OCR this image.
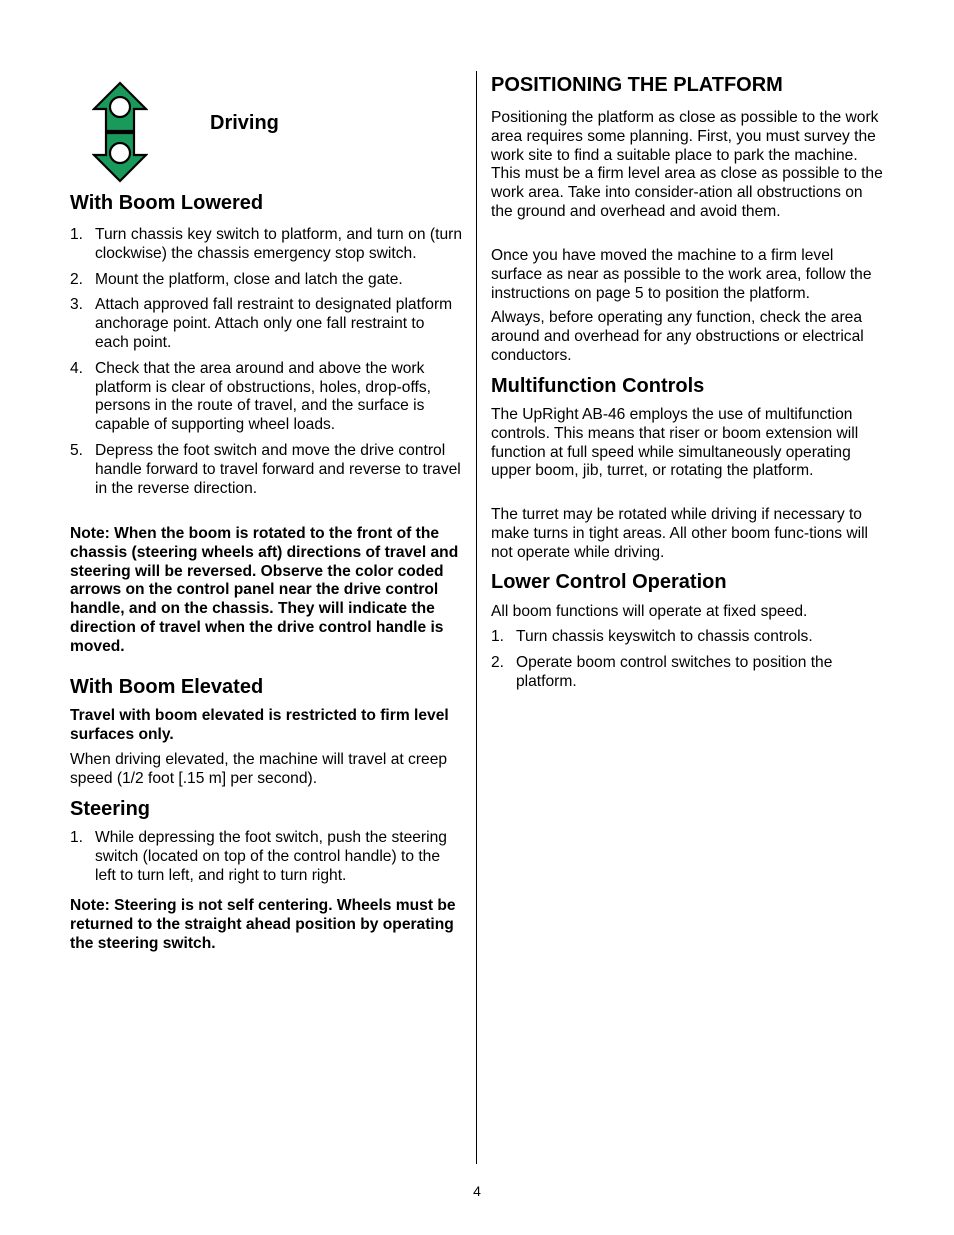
Driving
With Boom Lowered
1. Turn chassis key switch to platform, and turn on (turn clockwise) the chassis emergency stop switch.
2. Mount the platform, close and latch the gate.
3. Attach approved fall restraint to designated platform anchorage point. Attach only one fall restraint to each point.
4. Check that the area around and above the work platform is clear of obstructions, holes, drop-offs, persons in the route of travel, and the surface is capable of supporting wheel loads.
5. Depress the foot switch and move the drive control handle forward to travel forward and reverse to travel in the reverse direction.

Note: When the boom is rotated to the front of the chassis (steering wheels aft) directions of travel and steering will be reversed. Observe the color coded arrows on the control panel near the drive control handle, and on the chassis. They will indicate the direction of travel when the drive control handle is moved.

With Boom Elevated

Travel with boom elevated is restricted to firm level surfaces only.

When driving elevated, the machine will travel at creep speed (1/2 foot [.15 m] per second).

Steering
1. While depressing the foot switch, push the steering switch (located on top of the control handle) to the left to turn left, and right to turn right.

Note: Steering is not self centering. Wheels must be returned to the straight ahead position by operating the steering switch.

POSITIONING THE PLATFORM

Positioning the platform as close as possible to the work area requires some planning. First, you must survey the work site to find a suitable place to park the machine. This must be a firm level area as close as possible to the work area. Take into consider-ation all obstructions on the ground and overhead and avoid them.

Once you have moved the machine to a firm level surface as near as possible to the work area, follow the instructions on page 5 to position the platform.

Always, before operating any function, check the area around and overhead for any obstructions or electrical conductors.

Multifunction Controls

The UpRight AB-46 employs the use of multifunction controls. This means that riser or boom extension will function at full speed while simultaneously operating upper boom, jib, turret, or rotating the platform.

The turret may be rotated while driving if necessary to make turns in tight areas. All other boom func-tions will not operate while driving.

Lower Control Operation

All boom functions will operate at fixed speed.

1. Turn chassis keyswitch to chassis controls.
2. Operate boom control switches to position the platform.
4
